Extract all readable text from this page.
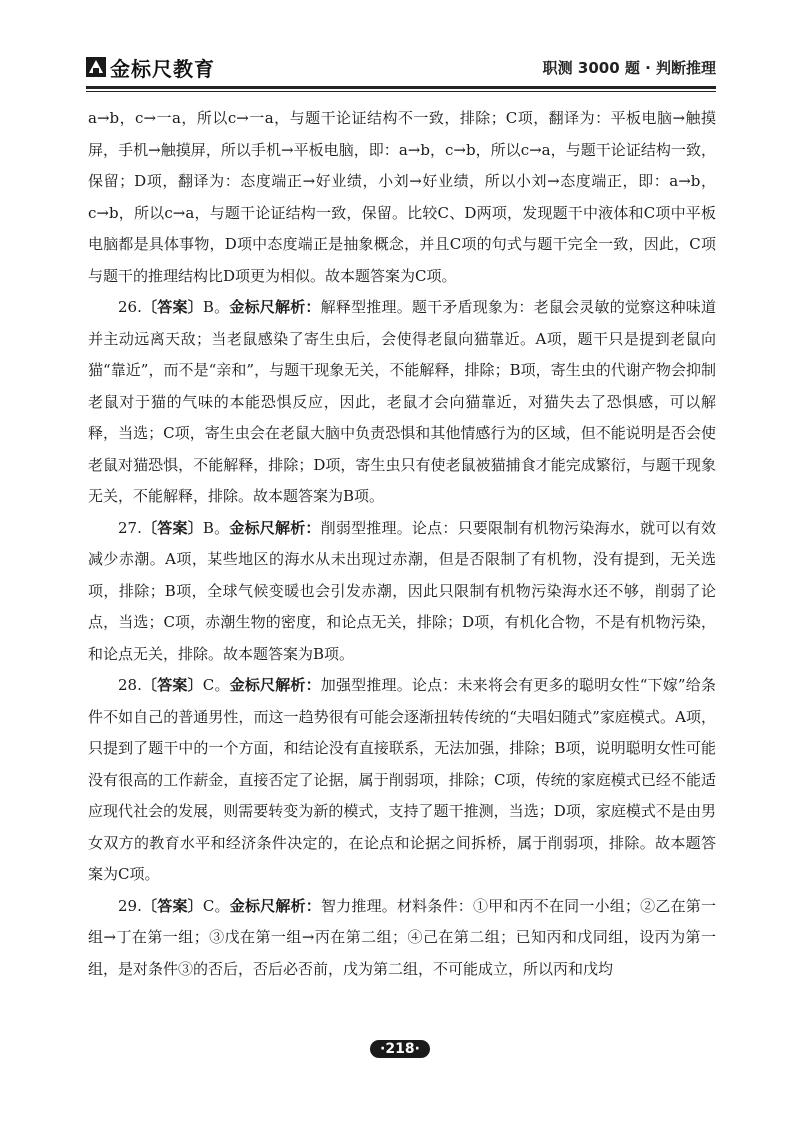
金标尺教育	职测 3000 题 · 判断推理

a→b，c→一a，所以c→一a，与题干论证结构不一致，排除；C项，翻译为：平板电脑→触摸屏，手机→触摸屏，所以手机→平板电脑，即：a→b，c→b，所以c→a，与题干论证结构一致，保留；D项，翻译为：态度端正→好业绩，小刘→好业绩，所以小刘→态度端正，即：a→b，c→b，所以c→a，与题干论证结构一致，保留。比较C、D两项，发现题干中液体和C项中平板电脑都是具体事物，D项中态度端正是抽象概念，并且C项的句式与题干完全一致，因此，C项与题干的推理结构比D项更为相似。故本题答案为C项。

26.〔答案〕B。金标尺解析：解释型推理。题干矛盾现象为：老鼠会灵敏的觉察这种味道并主动远离天敌；当老鼠感染了寄生虫后，会使得老鼠向猫靠近。A项，题干只是提到老鼠向猫“靠近”，而不是“亲和”，与题干现象无关，不能解释，排除；B项，寄生虫的代谢产物会抑制老鼠对于猫的气味的本能恐惧反应，因此，老鼠才会向猫靠近，对猫失去了恐惧感，可以解释，当选；C项，寄生虫会在老鼠大脑中负责恐惧和其他情感行为的区域，但不能说明是否会使老鼠对猫恐惧，不能解释，排除；D项，寄生虫只有使老鼠被猫捕食才能完成繁衍，与题干现象无关，不能解释，排除。故本题答案为B项。

27.〔答案〕B。金标尺解析：削弱型推理。论点：只要限制有机物污染海水，就可以有效减少赤潮。A项，某些地区的海水从未出现过赤潮，但是否限制了有机物，没有提到，无关选项，排除；B项，全球气候变暖也会引发赤潮，因此只限制有机物污染海水还不够，削弱了论点，当选；C项，赤潮生物的密度，和论点无关，排除；D项，有机化合物，不是有机物污染，和论点无关，排除。故本题答案为B项。

28.〔答案〕C。金标尺解析：加强型推理。论点：未来将会有更多的聪明女性“下嫁”给条件不如自己的普通男性，而这一趋势很有可能会逐渐扭转传统的“夫唱妇随式”家庭模式。A项，只提到了题干中的一个方面，和结论没有直接联系，无法加强，排除；B项，说明聪明女性可能没有很高的工作薪金，直接否定了论据，属于削弱项，排除；C项，传统的家庭模式已经不能适应现代社会的发展，则需要转变为新的模式，支持了题干推测，当选；D项，家庭模式不是由男女双方的教育水平和经济条件决定的，在论点和论据之间拆桥，属于削弱项，排除。故本题答案为C项。

29.〔答案〕C。金标尺解析：智力推理。材料条件：①甲和丙不在同一小组；②乙在第一组→丁在第一组；③戊在第一组→丙在第二组；④己在第二组；已知丙和戊同组，设丙为第一组，是对条件③的否后，否后必否前，戊为第二组，不可能成立，所以丙和戊均

·218·
